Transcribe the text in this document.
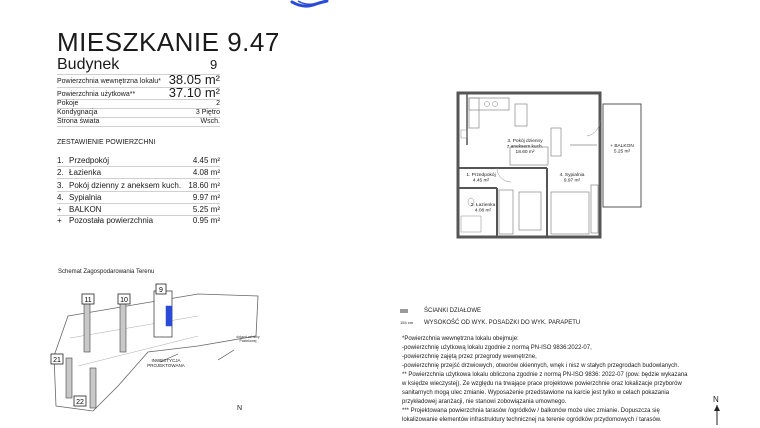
MIESZKANIE 9.47
Budynek	9
Powierzchnia wewnętrzna lokalu* 38.05 m²
Powierzchnia użytkowa**	37.10 m²
Pokoje	2
Kondygnacja	3 Piętro
Strona świata	Wsch.
ZESTAWIENIE POWIERZCHNI
1. Przedpokój	4.45 m²
2. Łazienka	4.08 m²
3. Pokój dzienny z aneksem kuch. 18.60 m²
4. Sypialnia	9.97 m²
+ BALKON	5.25 m²
+ Pozostała powierzchnia	0.95 m²
3. Pokój dzienny z aneksem kuch. 18.60 m²
1. Przedpokój 4.45 m²
2. Łazienka 4.08 m²
4. Sypialnia 9.97 m²
+ BALKON 5.25 m²
Schemat Zagospodarowania Terenu
11	10
9
21
22
INWESTYCJA PROJEKTOWANA
dojazd od ulicy Pastelowej
N
ŚCIANKI DZIAŁOWE
154 cm WYSOKOŚĆ OD WYK. POSADZKI DO WYK. PARAPETU
*Powierzchnia wewnętrzna lokalu obejmuje:
-powierzchnię użytkową lokalu zgodnie z normą PN-ISO 9836:2022-07,
-powierzchnię zajętą przez przegrody wewnętrzne,
-powierzchnię przejść drzwiowych, otworów okiennych, wnęk i nisz w stałych przegrodach budowlanych.
** Powierzchnia użytkowa lokalu obliczona zgodnie z normą PN-ISO 9836: 2022-07 (pow. będzie wykazana
w księdze wieczystej). Ze względu na trwające prace projektowe powierzchnie oraz lokalizacje przyborów
sanitarnych mogą ulec zmianie. Wyposażenie przedstawione na karcie jest tylko w celach pokazania
przykładowej aranżacji, nie stanowi zobowiązania umownego.
*** Projektowana powierzchnia tarasów /ogródków / balkonów może ulec zmianie. Dopuszcza się
lokalizowanie elementów infrastruktury technicznej na terenie ogródków przydomowych / tarasów.
N
